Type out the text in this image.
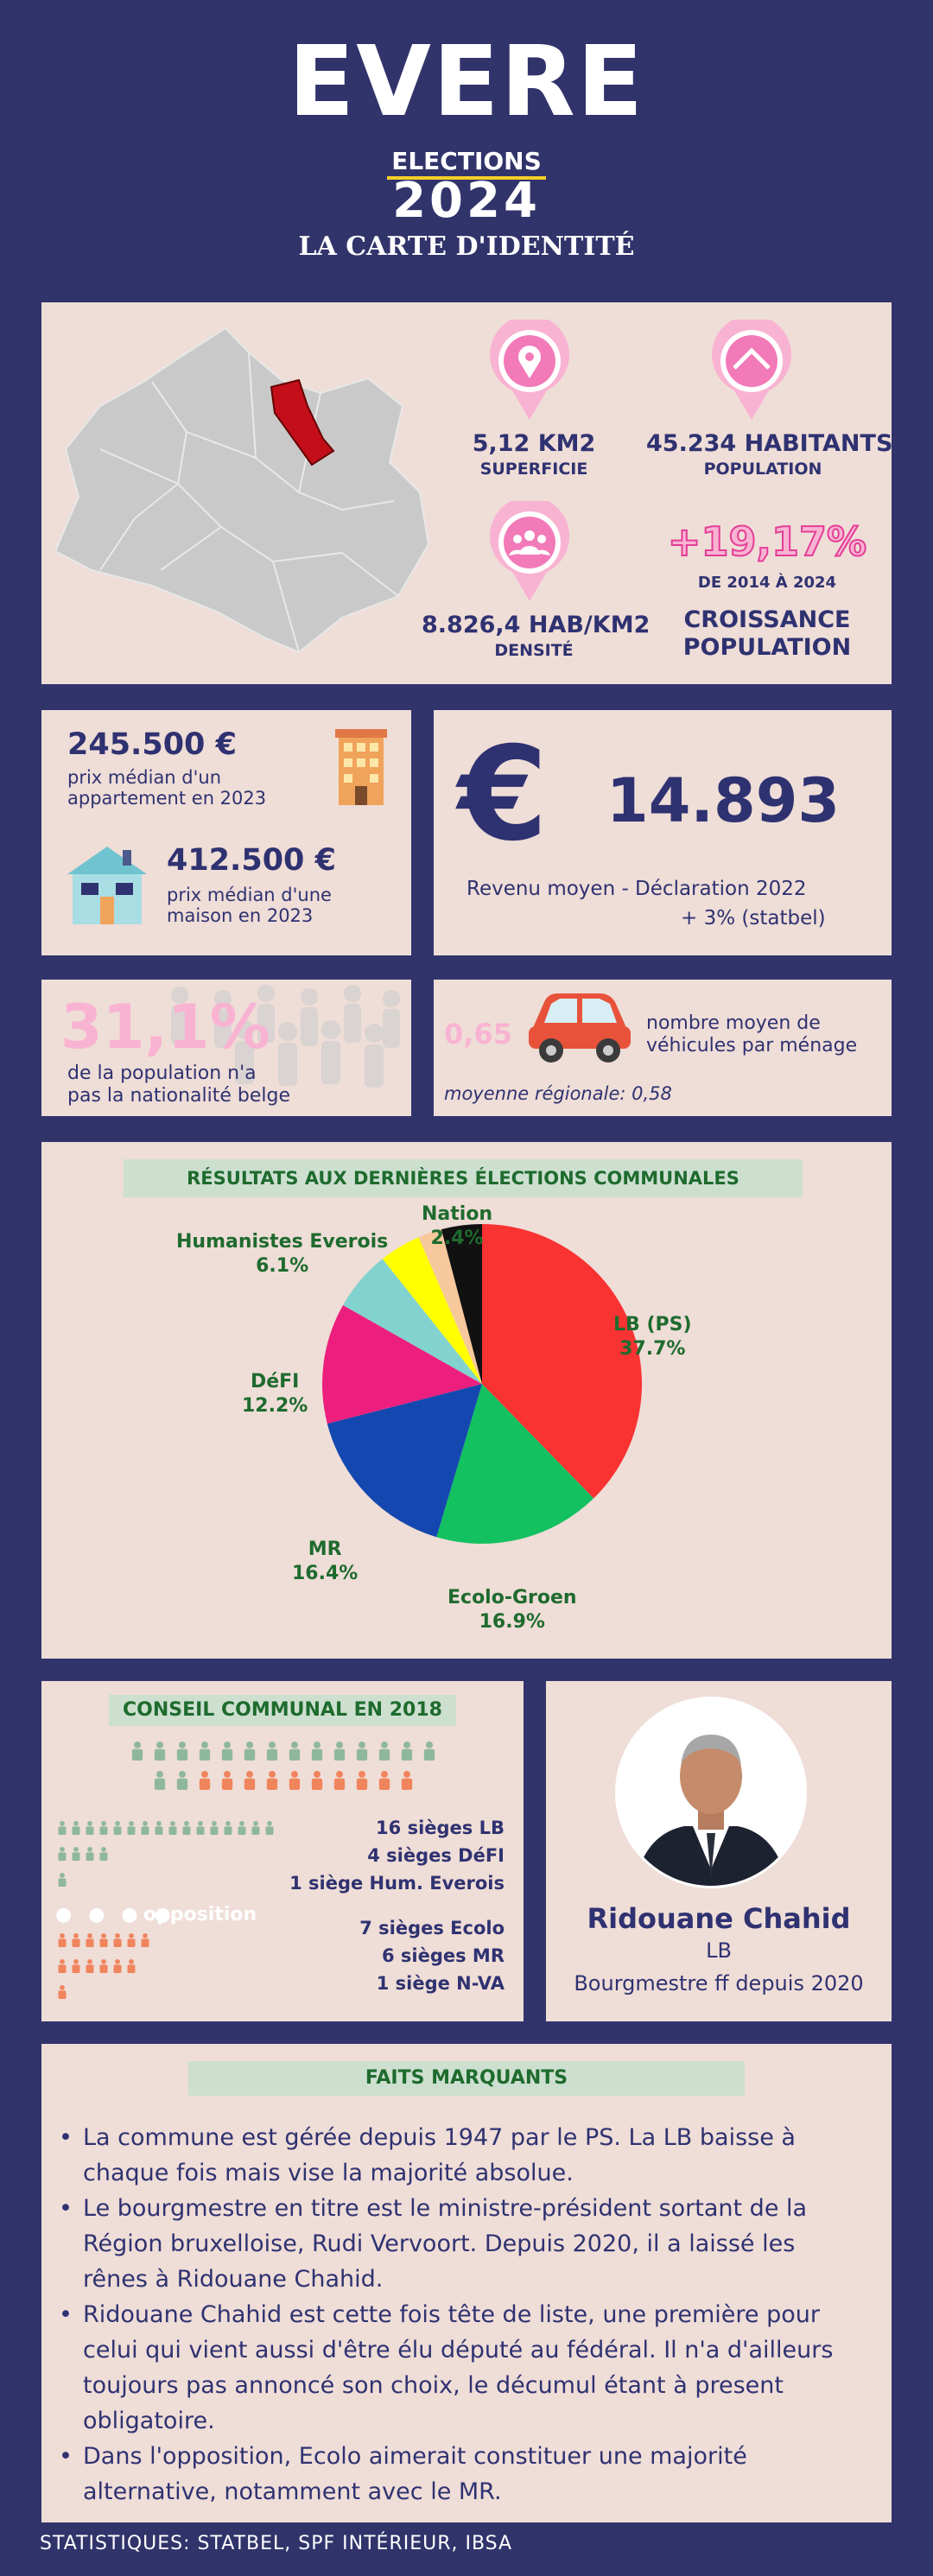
EVERE
ELECTIONS
2024
LA CARTE D'IDENTITÉ
5,12 KM2
SUPERFICIE
45.234 HABITANTS
POPULATION
8.826,4 HAB/KM2
DENSITÉ
+19,17%
DE 2014 À 2024
CROISSANCE
POPULATION
245.500 €
prix médian d'un
appartement en 2023
412.500 €
prix médian d'une
maison en 2023
€ 14.893
Revenu moyen - Déclaration 2022
+ 3% (statbel)
31,1%
de la population n'a
pas la nationalité belge
0,65	nombre moyen de
véhicules par ménage
moyenne régionale: 0,58
RÉSULTATS AUX DERNIÈRES ÉLECTIONS COMMUNALES
LB (PS)
37.7%
Ecolo-Groen
16.9%
MR
16.4%
DéFI
12.2%
Humanistes Everois
6.1%
Nation
2.4%
CONSEIL COMMUNAL EN 2018
● ● ● ●
opposition
16 sièges LB
4 sièges DéFI
1 siège Hum. Everois
7 sièges Ecolo
6 sièges MR
1 siège N-VA
Ridouane Chahid
LB
Bourgmestre ff depuis 2020
FAITS MARQUANTS
• La commune est gérée depuis 1947 par le PS. La LB baisse à
chaque fois mais vise la majorité absolue.
• Le bourgmestre en titre est le ministre-président sortant de la
Région bruxelloise, Rudi Vervoort. Depuis 2020, il a laissé les
rênes à Ridouane Chahid.
• Ridouane Chahid est cette fois tête de liste, une première pour
celui qui vient aussi d'être élu député au fédéral. Il n'a d'ailleurs
toujours pas annoncé son choix, le décumul étant à present
obligatoire.
• Dans l'opposition, Ecolo aimerait constituer une majorité
alternative, notamment avec le MR.
STATISTIQUES: STATBEL, SPF INTÉRIEUR, IBSA
